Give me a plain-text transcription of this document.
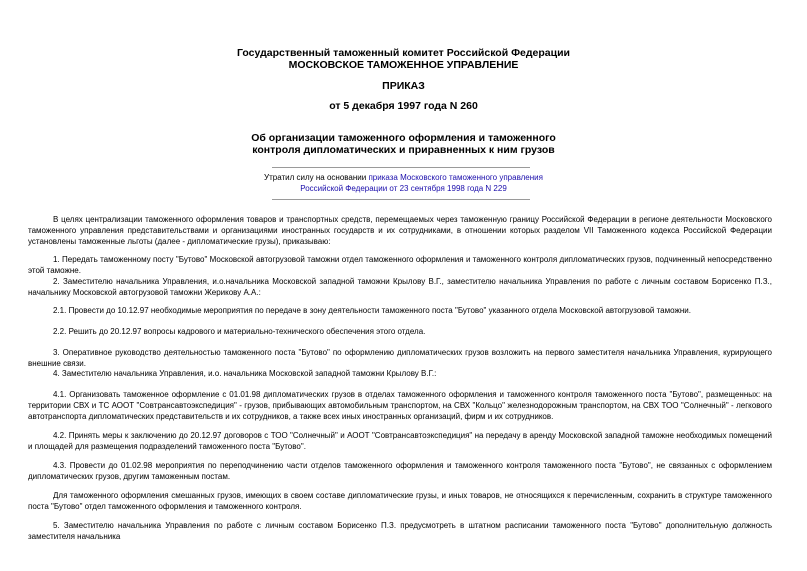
Государственный таможенный комитет Российской Федерации
МОСКОВСКОЕ ТАМОЖЕННОЕ УПРАВЛЕНИЕ
ПРИКАЗ
от 5 декабря 1997 года N 260
Об организации таможенного оформления и таможенного
контроля дипломатических и приравненных к ним грузов
Утратил силу на основании приказа Московского таможенного управления
Российской Федерации от 23 сентября 1998 года N 229
В целях централизации таможенного оформления товаров и транспортных средств, перемещаемых через таможенную границу Российской Федерации в регионе деятельности Московского таможенного управления представительствами и организациями иностранных государств и их сотрудниками, в отношении которых разделом VII Таможенного кодекса Российской Федерации установлены таможенные льготы (далее - дипломатические грузы), приказываю:
1. Передать таможенному посту "Бутово" Московской автогрузовой таможни отдел таможенного оформления и таможенного контроля дипломатических грузов, подчиненный непосредственно этой таможне.
2. Заместителю начальника Управления, и.о.начальника Московской западной таможни Крылову В.Г., заместителю начальника Управления по работе с личным составом Борисенко П.З., начальнику Московской автогрузовой таможни Жерикову А.А.:
2.1. Провести до 10.12.97 необходимые мероприятия по передаче в зону деятельности таможенного поста "Бутово" указанного отдела Московской автогрузовой таможни.
2.2. Решить до 20.12.97 вопросы кадрового и материально-технического обеспечения этого отдела.
3. Оперативное руководство деятельностью таможенного поста "Бутово" по оформлению дипломатических грузов возложить на первого заместителя начальника Управления, курирующего внешние связи.
4. Заместителю начальника Управления, и.о. начальника Московской западной таможни Крылову В.Г.:
4.1. Организовать таможенное оформление с 01.01.98 дипломатических грузов в отделах таможенного оформления и таможенного контроля таможенного поста "Бутово", размещенных: на территории СВХ и ТС АООТ "Совтрансавтоэкспедиция" - грузов, прибывающих автомобильным транспортом, на СВХ "Кольцо" железнодорожным транспортом, на СВХ ТОО "Солнечный" - легкового автотранспорта дипломатических представительств и их сотрудников, а также всех иных иностранных организаций, фирм и их сотрудников.
4.2. Принять меры к заключению до 20.12.97 договоров с ТОО "Солнечный" и АООТ "Совтрансавтоэкспедиция" на передачу в аренду Московской западной таможне необходимых помещений и площадей для размещения подразделений таможенного поста "Бутово".
4.3. Провести до 01.02.98 мероприятия по переподчинению части отделов таможенного оформления и таможенного контроля таможенного поста "Бутово", не связанных с оформлением дипломатических грузов, другим таможенным постам.
Для таможенного оформления смешанных грузов, имеющих в своем составе дипломатические грузы, и иных товаров, не относящихся к перечисленным, сохранить в структуре таможенного поста "Бутово" отдел таможенного оформления и таможенного контроля.
5. Заместителю начальника Управления по работе с личным составом Борисенко П.З. предусмотреть в штатном расписании таможенного поста "Бутово" дополнительную должность заместителя начальника
